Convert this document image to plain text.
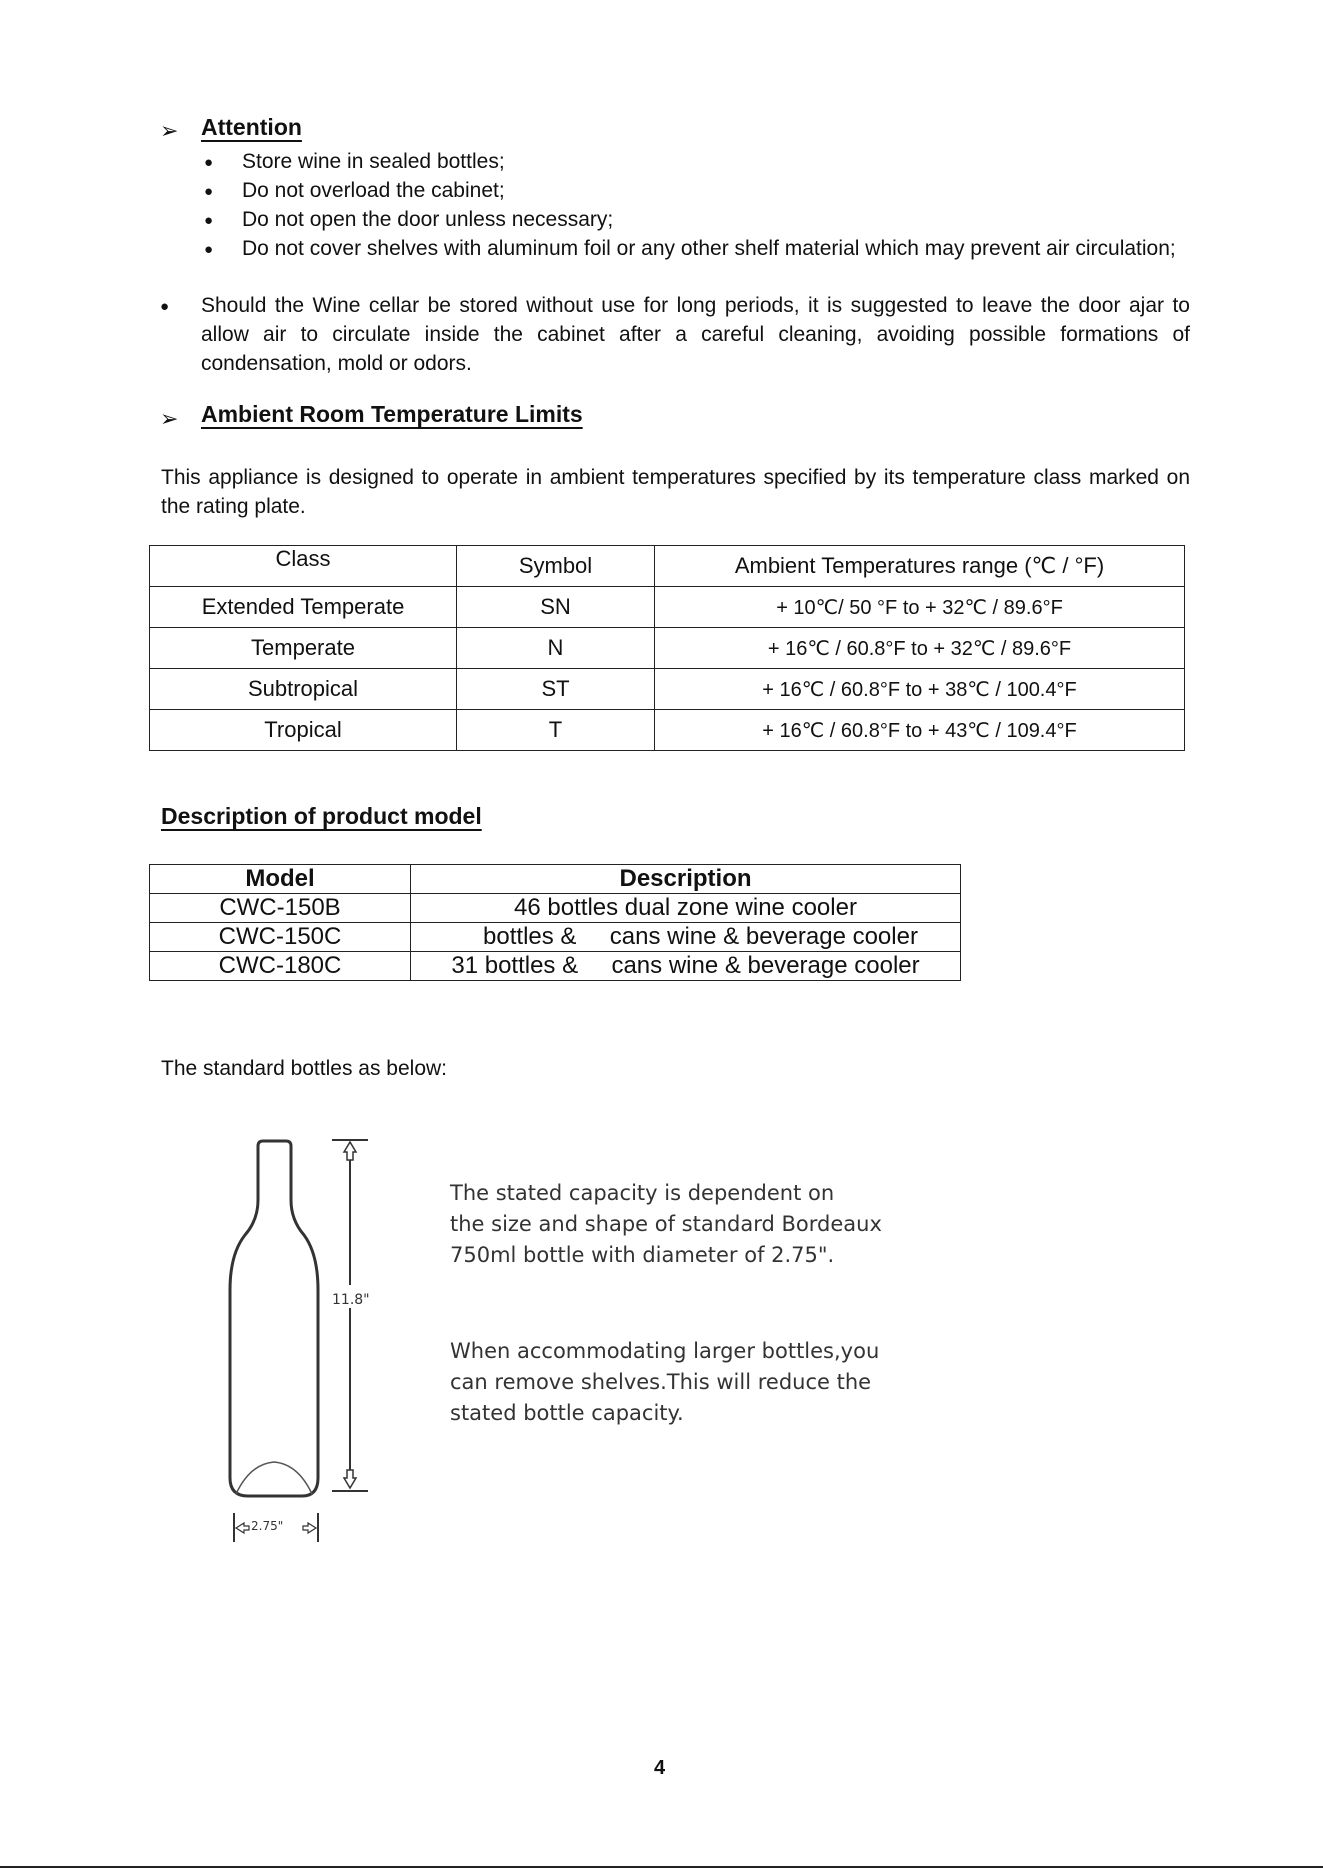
➢ Attention
● Store wine in sealed bottles;
● Do not overload the cabinet;
● Do not open the door unless necessary;
● Do not cover shelves with aluminum foil or any other shelf material which may prevent air circulation;
● Should the Wine cellar be stored without use for long periods, it is suggested to leave the door ajar to allow air to circulate inside the cabinet after a careful cleaning, avoiding possible formations of condensation, mold or odors.
➢ Ambient Room Temperature Limits
This appliance is designed to operate in ambient temperatures specified by its temperature class marked on the rating plate.
Class	Symbol	Ambient Temperatures range (℃ / °F)
Extended Temperate	SN	+ 10℃/ 50 °F to + 32℃ / 89.6°F
Temperate	N	+ 16℃ / 60.8°F to + 32℃ / 89.6°F
Subtropical	ST	+ 16℃ / 60.8°F to + 38℃ / 100.4°F
Tropical	T	+ 16℃ / 60.8°F to + 43℃ / 109.4°F
Description of product model
Model	Description
CWC-150B	46 bottles dual zone wine cooler
CWC-150C	bottles &     cans wine & beverage cooler
CWC-180C	31 bottles &     cans wine & beverage cooler
The standard bottles as below:
11.8"
2.75"
The stated capacity is dependent on
the size and shape of standard Bordeaux
750ml bottle with diameter of 2.75".
When accommodating larger bottles,you
can remove shelves.This will reduce the
stated bottle capacity.
4
